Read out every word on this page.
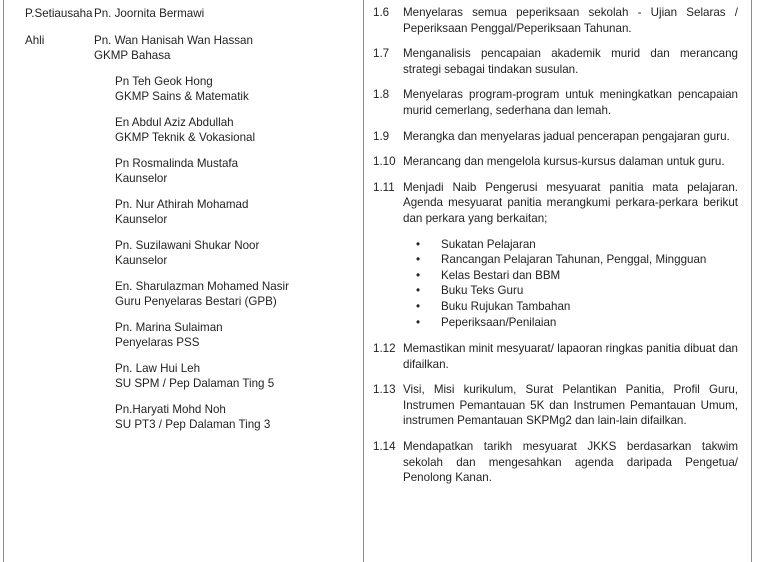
P.Setiausaha Pn. Joornita Bermawi
Ahli	Pn. Wan Hanisah Wan Hassan
GKMP Bahasa
Pn Teh Geok Hong
GKMP Sains & Matematik
En Abdul Aziz Abdullah
GKMP Teknik & Vokasional
Pn Rosmalinda Mustafa
Kaunselor
Pn. Nur Athirah Mohamad
Kaunselor
Pn. Suzilawani Shukar Noor
Kaunselor
En. Sharulazman Mohamed Nasir
Guru Penyelaras Bestari (GPB)
Pn. Marina Sulaiman
Penyelaras PSS
Pn. Law Hui Leh
SU SPM / Pep Dalaman Ting 5
Pn.Haryati Mohd Noh
SU PT3 / Pep Dalaman Ting 3
1.6	Menyelaras semua peperiksaan sekolah - Ujian Selaras / Peperiksaan Penggal/Peperiksaan Tahunan.
1.7	Menganalisis pencapaian akademik murid dan merancang strategi sebagai tindakan susulan.
1.8	Menyelaras program-program untuk meningkatkan pencapaian murid cemerlang, sederhana dan lemah.
1.9	Merangka dan menyelaras jadual pencerapan pengajaran guru.
1.10 Merancang dan mengelola kursus-kursus dalaman untuk guru.
1.11 Menjadi Naib Pengerusi mesyuarat panitia mata pelajaran. Agenda mesyuarat panitia merangkumi perkara-perkara berikut dan perkara yang berkaitan;
• Sukatan Pelajaran
• Rancangan Pelajaran Tahunan, Penggal, Mingguan
• Kelas Bestari dan BBM
• Buku Teks Guru
• Buku Rujukan Tambahan
• Peperiksaan/Penilaian
1.12 Memastikan minit mesyuarat/ lapaoran ringkas panitia dibuat dan difailkan.
1.13 Visi, Misi kurikulum, Surat Pelantikan Panitia, Profil Guru, Instrumen Pemantauan 5K dan Instrumen Pemantauan Umum, instrumen Pemantauan SKPMg2 dan lain-lain difailkan.
1.14 Mendapatkan tarikh mesyuarat JKKS berdasarkan takwim sekolah dan mengesahkan agenda daripada Pengetua/ Penolong Kanan.
